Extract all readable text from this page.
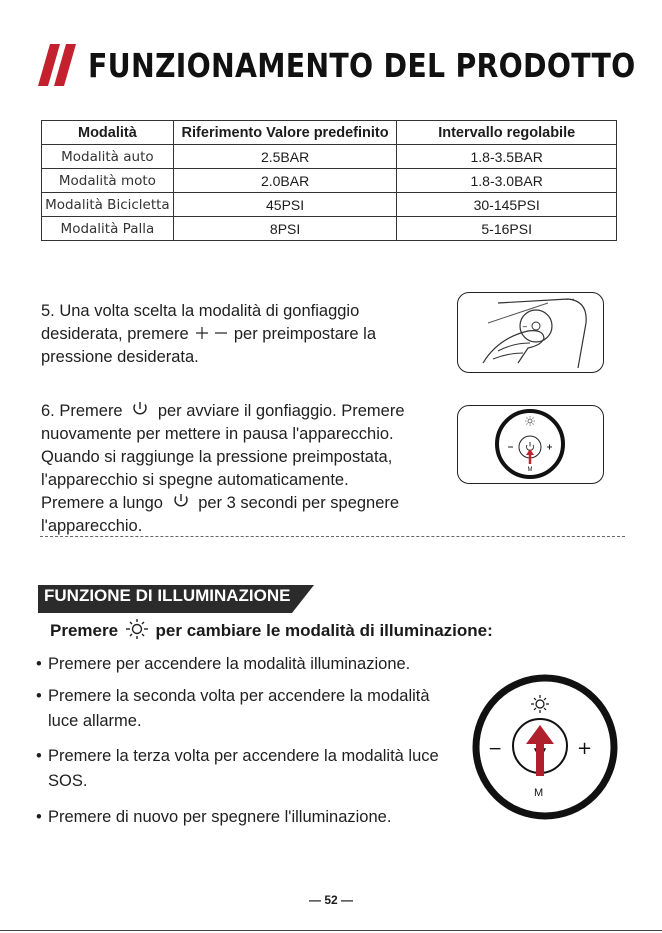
FUNZIONAMENTO DEL PRODOTTO
Modalità	Riferimento Valore predefinito	Intervallo regolabile
Modalità auto	2.5BAR	1.8-3.5BAR
Modalità moto	2.0BAR	1.8-3.0BAR
Modalità Bicicletta	45PSI	30-145PSI
Modalità Palla	8PSI	5-16PSI
5. Una volta scelta la modalità di gonfiaggio
desiderata, premere	per preimpostare la
pressione desiderata.
−
• • •
6. Premere per avviare il gonfiaggio. Premere
nuovamente per mettere in pausa l'apparecchio.
Quando si raggiunge la pressione preimpostata,
l'apparecchio si spegne automaticamente.
Premere a lungo per 3 secondi per spegnere
l'apparecchio.
M
FUNZIONE DI ILLUMINAZIONE
Premere per cambiare le modalità di illuminazione:
• Premere per accendere la modalità illuminazione.
• Premere la seconda volta per accendere la modalità
luce allarme.
• Premere la terza volta per accendere la modalità luce
SOS.
• Premere di nuovo per spegnere l'illuminazione.
−	+
M
— 52 —
